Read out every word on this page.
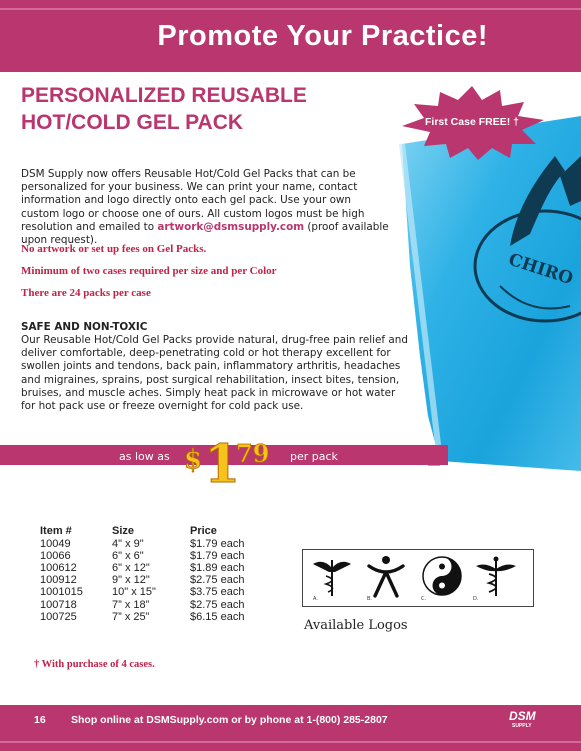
Promote Your Practice!
CHIRO
First Case FREE! †
PERSONALIZED REUSABLE HOT/COLD GEL PACK

DSM Supply now offers Reusable Hot/Cold Gel Packs that can be personalized for your business. We can print your name, contact information and logo directly onto each gel pack. Use your own custom logo or choose one of ours. All custom logos must be high resolution and emailed to artwork@dsmsupply.com (proof available upon request).

No artwork or set up fees on Gel Packs.

Minimum of two cases required per size and per Color

There are 24 packs per case

SAFE AND NON-TOXIC

Our Reusable Hot/Cold Gel Packs provide natural, drug-free pain relief and deliver comfortable, deep-penetrating cold or hot therapy excellent for swollen joints and tendons, back pain, inflammatory arthritis, headaches and migraines, sprains, post surgical rehabilitation, insect bites, tension, bruises, and muscle aches. Simply heat pack in microwave or hot water for hot pack use or freeze overnight for cold pack use.

as low as $ 1
79 per pack
Item #	Size	Price
10049	4" x 9"	$1.79 each
10066	6" x 6"	$1.79 each
100612	6" x 12"	$1.89 each
100912	9" x 12"	$2.75 each
1001015	10" x 15"	$3.75 each
100718	7” x 18”	$2.75 each
100725	7” x 25”	$6.15 each
A.	B.	C.	D.
Available Logos
† With purchase of 4 cases.
16 Shop online at DSMSupply.com or by phone at 1-(800) 285-2807	DSM
SUPPLY
